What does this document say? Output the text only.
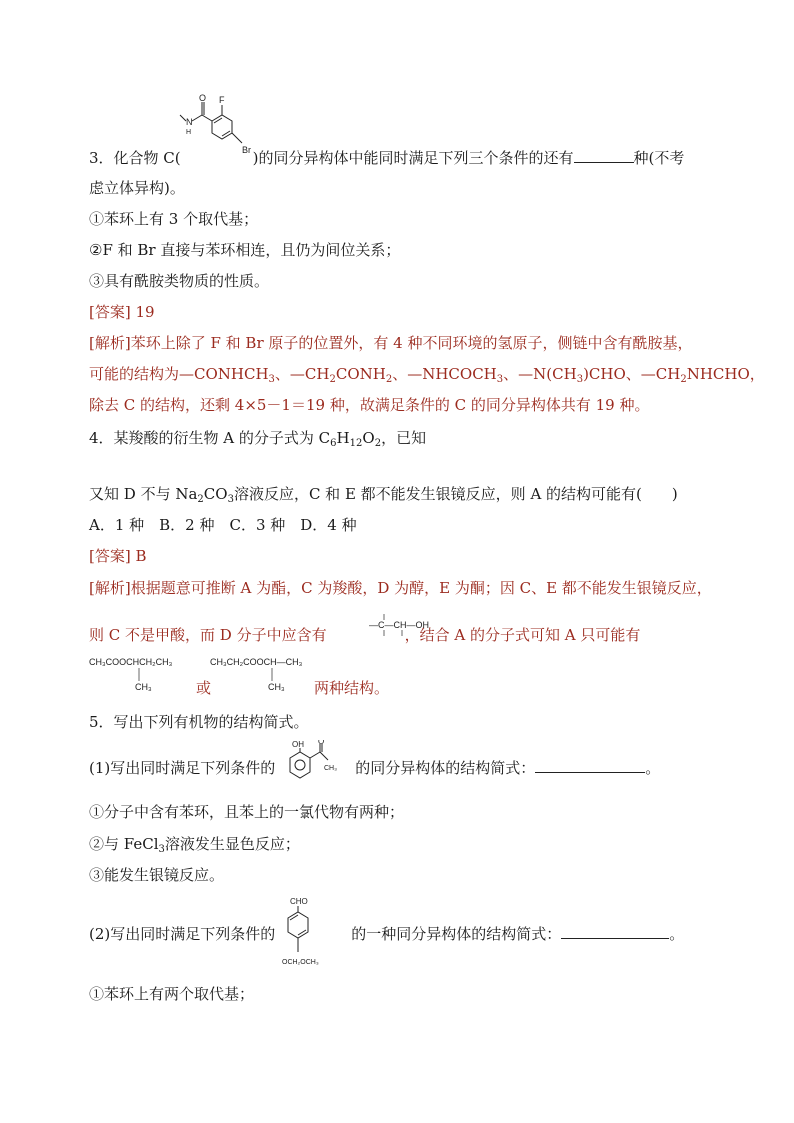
O F
N
H
Br
3．化合物 C(	)的同分异构体中能同时满足下列三个条件的还有	种(不考
虑立体异构)。
①苯环上有 3 个取代基；
②F 和 Br 直接与苯环相连，且仍为间位关系；
③具有酰胺类物质的性质。
[答案] 19
[解析]苯环上除了 F 和 Br 原子的位置外，有 4 种不同环境的氢原子，侧链中含有酰胺基，
可能的结构为$—CONHCH_3$、$—CH_2CONH_2$、$—NHCOCH_3$、$—N(CH_3)CHO$、$—CH_2NHCHO$，
除去 C 的结构，还剩 4×5－1＝19 种，故满足条件的 C 的同分异构体共有 19 种。
4．某羧酸的衍生物 A 的分子式为 $C_6H_{12}O_2$，已知
又知 D 不与 $Na_2CO_3$溶液反应，C 和 E 都不能发生银镜反应，则 A 的结构可能有(　　)
A．1 种　B．2 种　C．3 种　D．4 种
[答案] B
[解析]根据题意可推断 A 为酯，C 为羧酸，D 为醇，E 为酮；因 C、E 都不能发生银镜反应，
则 C 不是甲酸，而 D 分子中应含有	，结合 A 的分子式可知 A 只可能有
—C—CH—OH
CH₃COOCHCH₂CH₃
CH₃	或
CH₃CH₂COOCH—CH₃
CH₃ 两种结构。
5．写出下列有机物的结构简式。
OH O
CH₃
(1)写出同时满足下列条件的	的同分异构体的结构简式：	。
①分子中含有苯环，且苯上的一氯代物有两种；
②与 FeCl$_3$溶液发生显色反应；
③能发生银镜反应。
CHO
OCH₂OCH₃
(2)写出同时满足下列条件的	的一种同分异构体的结构简式：	。
①苯环上有两个取代基；
